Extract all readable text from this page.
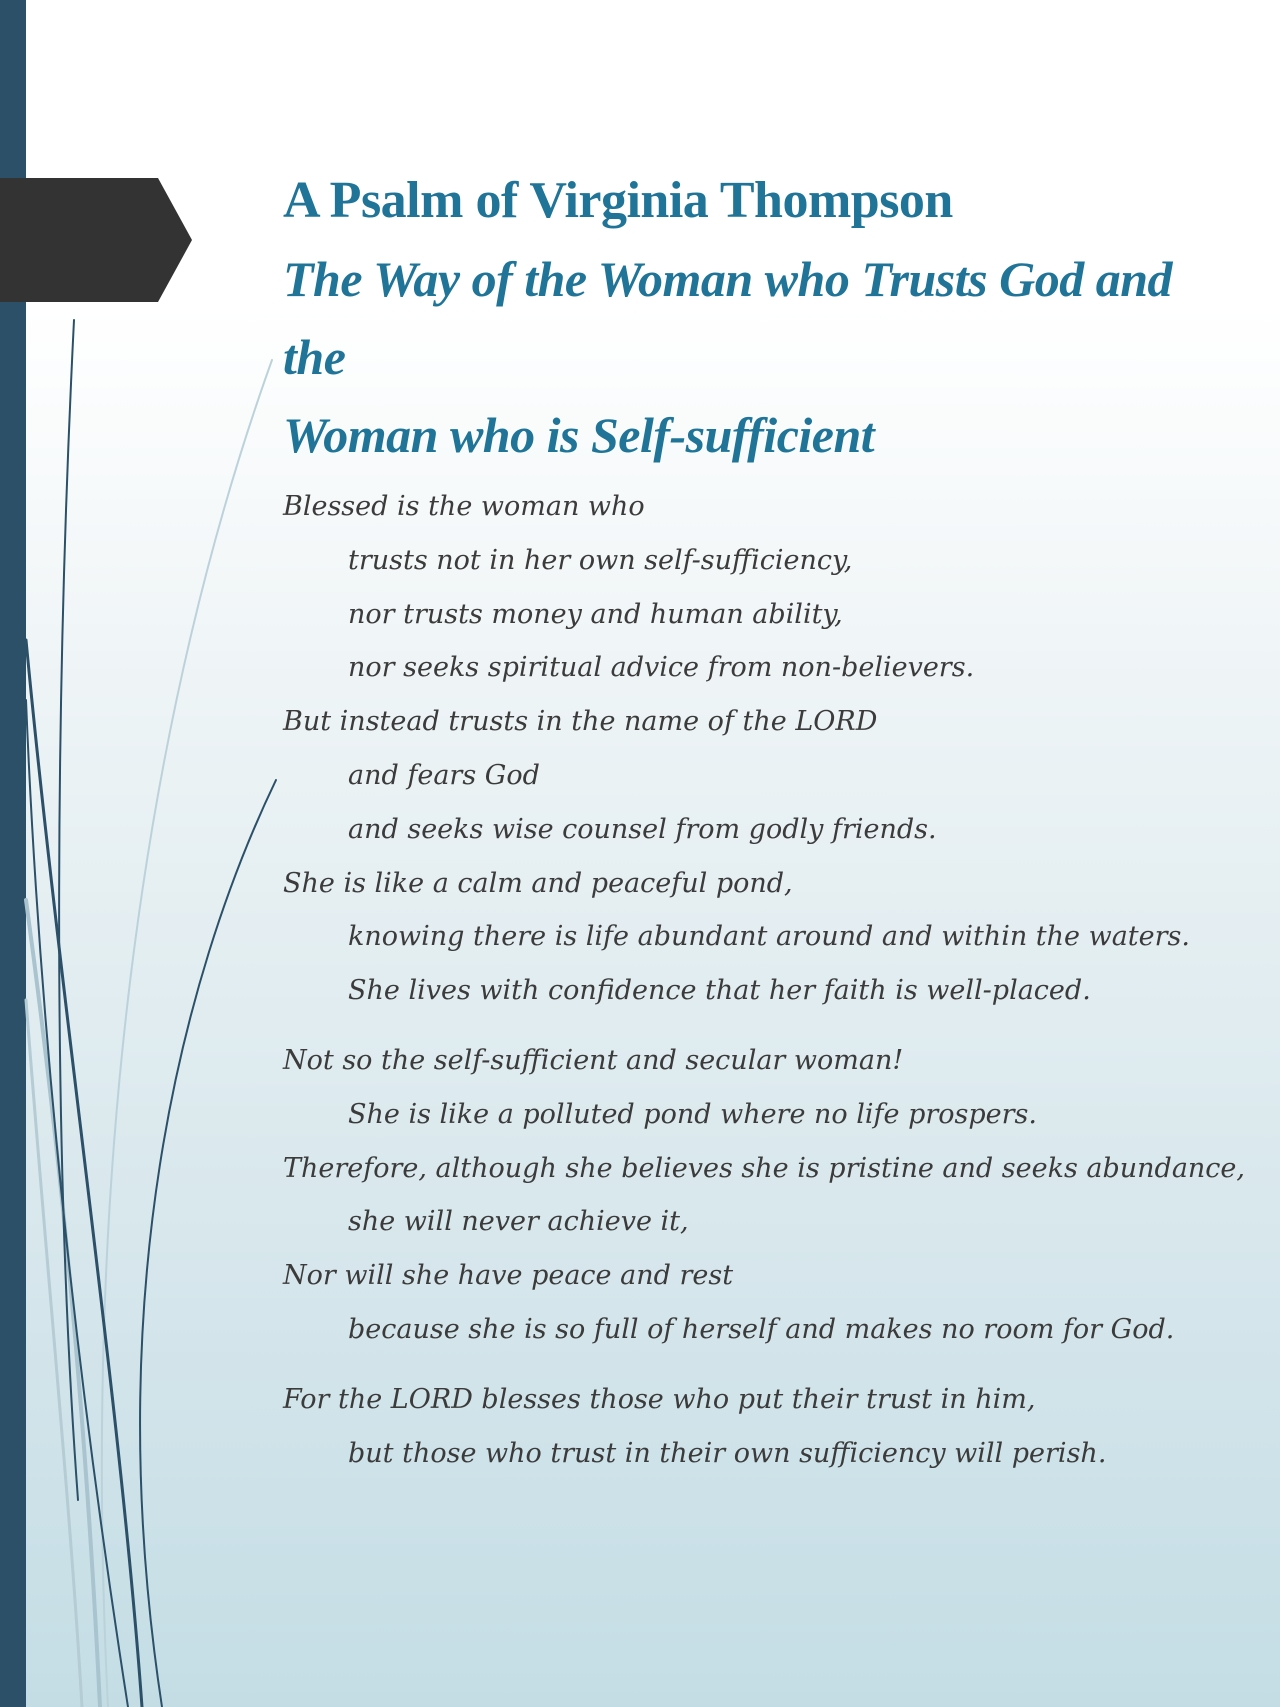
A Psalm of Virginia Thompson
The Way of the Woman who Trusts God and the
Woman who is Self-sufficient
Blessed is the woman who
trusts not in her own self-sufficiency,
nor trusts money and human ability,
nor seeks spiritual advice from non-believers.
But instead trusts in the name of the LORD
and fears God
and seeks wise counsel from godly friends.
She is like a calm and peaceful pond,
knowing there is life abundant around and within the waters.
She lives with confidence that her faith is well-placed.
Not so the self-sufficient and secular woman!
She is like a polluted pond where no life prospers.
Therefore, although she believes she is pristine and seeks abundance,
she will never achieve it,
Nor will she have peace and rest
because she is so full of herself and makes no room for God.
For the LORD blesses those who put their trust in him,
but those who trust in their own sufficiency will perish.
